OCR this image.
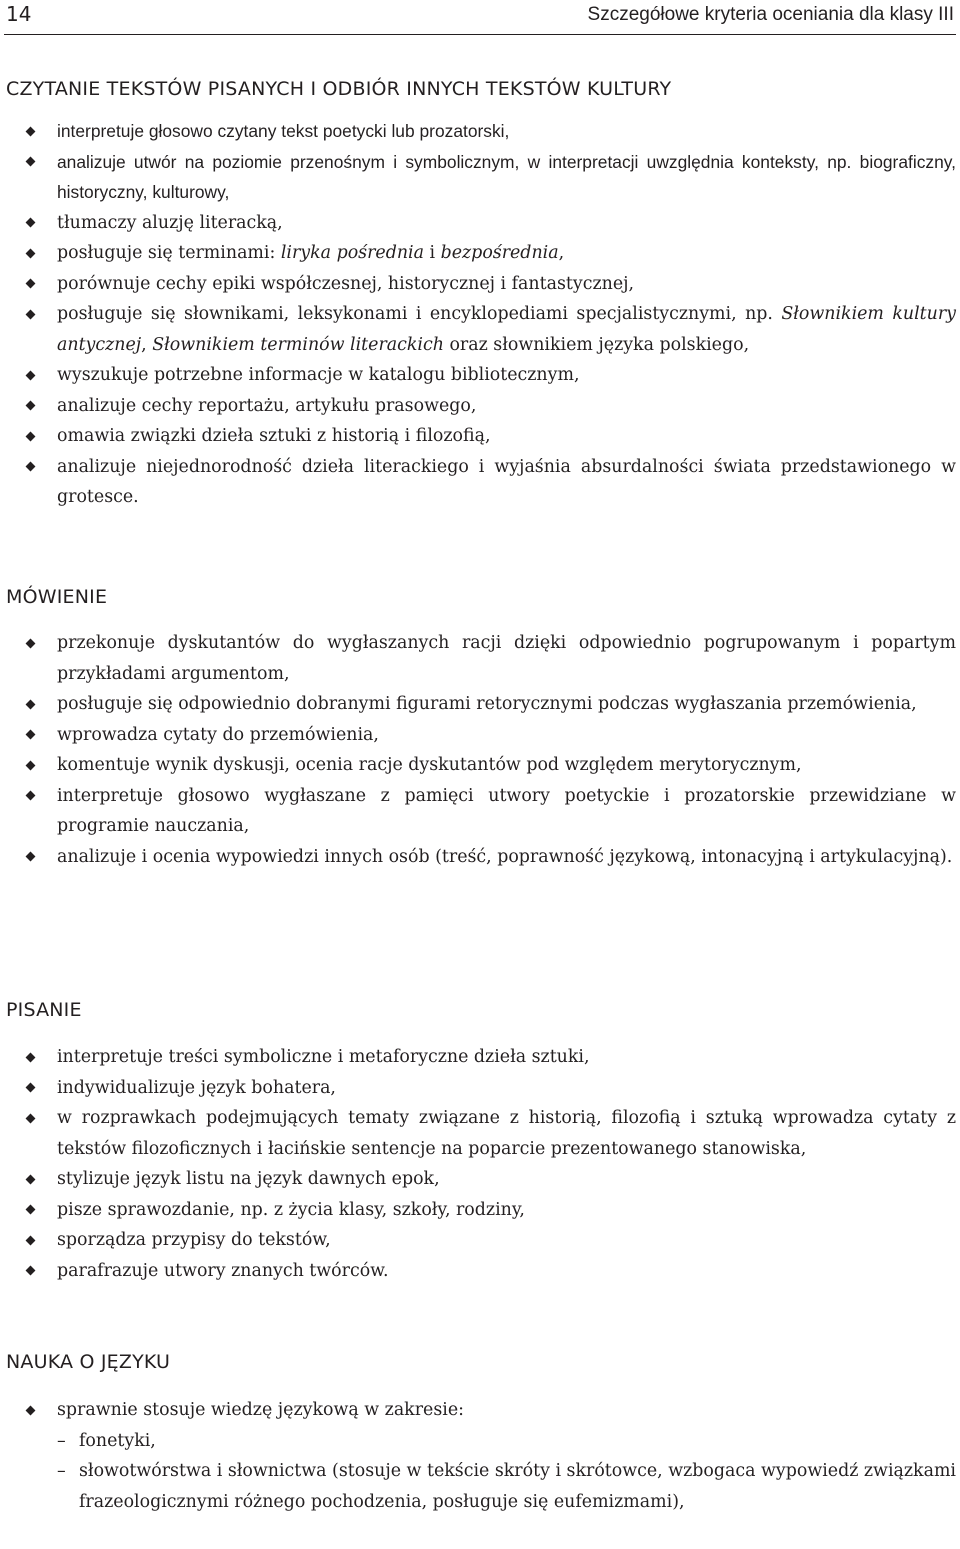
14	Szczegółowe kryteria oceniania dla klasy III
CZYTANIE TEKSTÓW PISANYCH I ODBIÓR INNYCH TEKSTÓW KULTURY
interpretuje głosowo czytany tekst poetycki lub prozatorski,
analizuje utwór na poziomie przenośnym i symbolicznym, w interpretacji uwzględnia konteksty, np. biograficzny, historyczny, kulturowy,
tłumaczy aluzję literacką,
posługuje się terminami: liryka pośrednia i bezpośrednia,
porównuje cechy epiki współczesnej, historycznej i fantastycznej,
posługuje się słownikami, leksykonami i encyklopediami specjalistycznymi, np. Słownikiem kultury antycznej, Słownikiem terminów literackich oraz słownikiem języka polskiego,
wyszukuje potrzebne informacje w katalogu bibliotecznym,
analizuje cechy reportażu, artykułu prasowego,
omawia związki dzieła sztuki z historią i filozofią,
analizuje niejednorodność dzieła literackiego i wyjaśnia absurdalności świata przedstawionego w grotesce.
MÓWIENIE
przekonuje dyskutantów do wygłaszanych racji dzięki odpowiednio pogrupowanym i popartym przykładami argumentom,
posługuje się odpowiednio dobranymi figurami retorycznymi podczas wygłaszania przemówienia,
wprowadza cytaty do przemówienia,
komentuje wynik dyskusji, ocenia racje dyskutantów pod względem merytorycznym,
interpretuje głosowo wygłaszane z pamięci utwory poetyckie i prozatorskie przewidziane w programie nauczania,
analizuje i ocenia wypowiedzi innych osób (treść, poprawność językową, intonacyjną i artykulacyjną).
PISANIE
interpretuje treści symboliczne i metaforyczne dzieła sztuki,
indywidualizuje język bohatera,
w rozprawkach podejmujących tematy związane z historią, filozofią i sztuką wprowadza cytaty z tekstów filozoficznych i łacińskie sentencje na poparcie prezentowanego stanowiska,
stylizuje język listu na język dawnych epok,
pisze sprawozdanie, np. z życia klasy, szkoły, rodziny,
sporządza przypisy do tekstów,
parafrazuje utwory znanych twórców.
NAUKA O JĘZYKU
sprawnie stosuje wiedzę językową w zakresie:
– fonetyki,
– słowotwórstwa i słownictwa (stosuje w tekście skróty i skrótowce, wzbogaca wypowiedź związkami frazeologicznymi różnego pochodzenia, posługuje się eufemizmami),
